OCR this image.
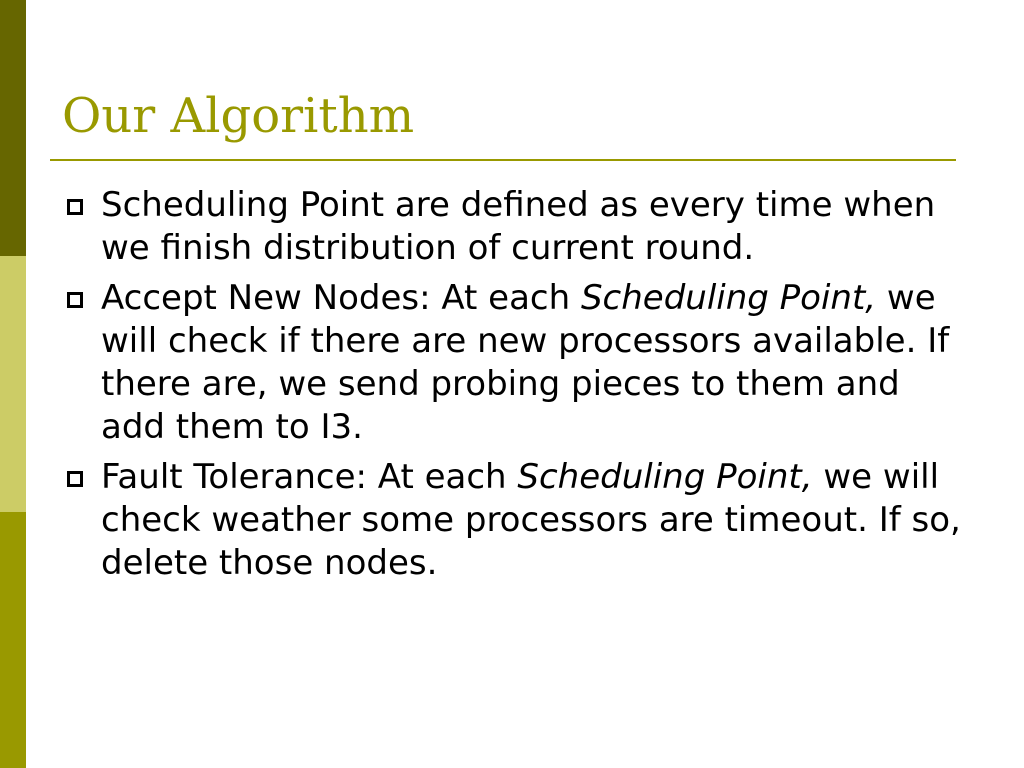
Our Algorithm
Scheduling Point are defined as every time when we finish distribution of current round.
Accept New Nodes: At each Scheduling Point, we will check if there are new processors available. If there are, we send probing pieces to them and add them to I3.
Fault Tolerance: At each Scheduling Point, we will check weather some processors are timeout. If so, delete those nodes.
